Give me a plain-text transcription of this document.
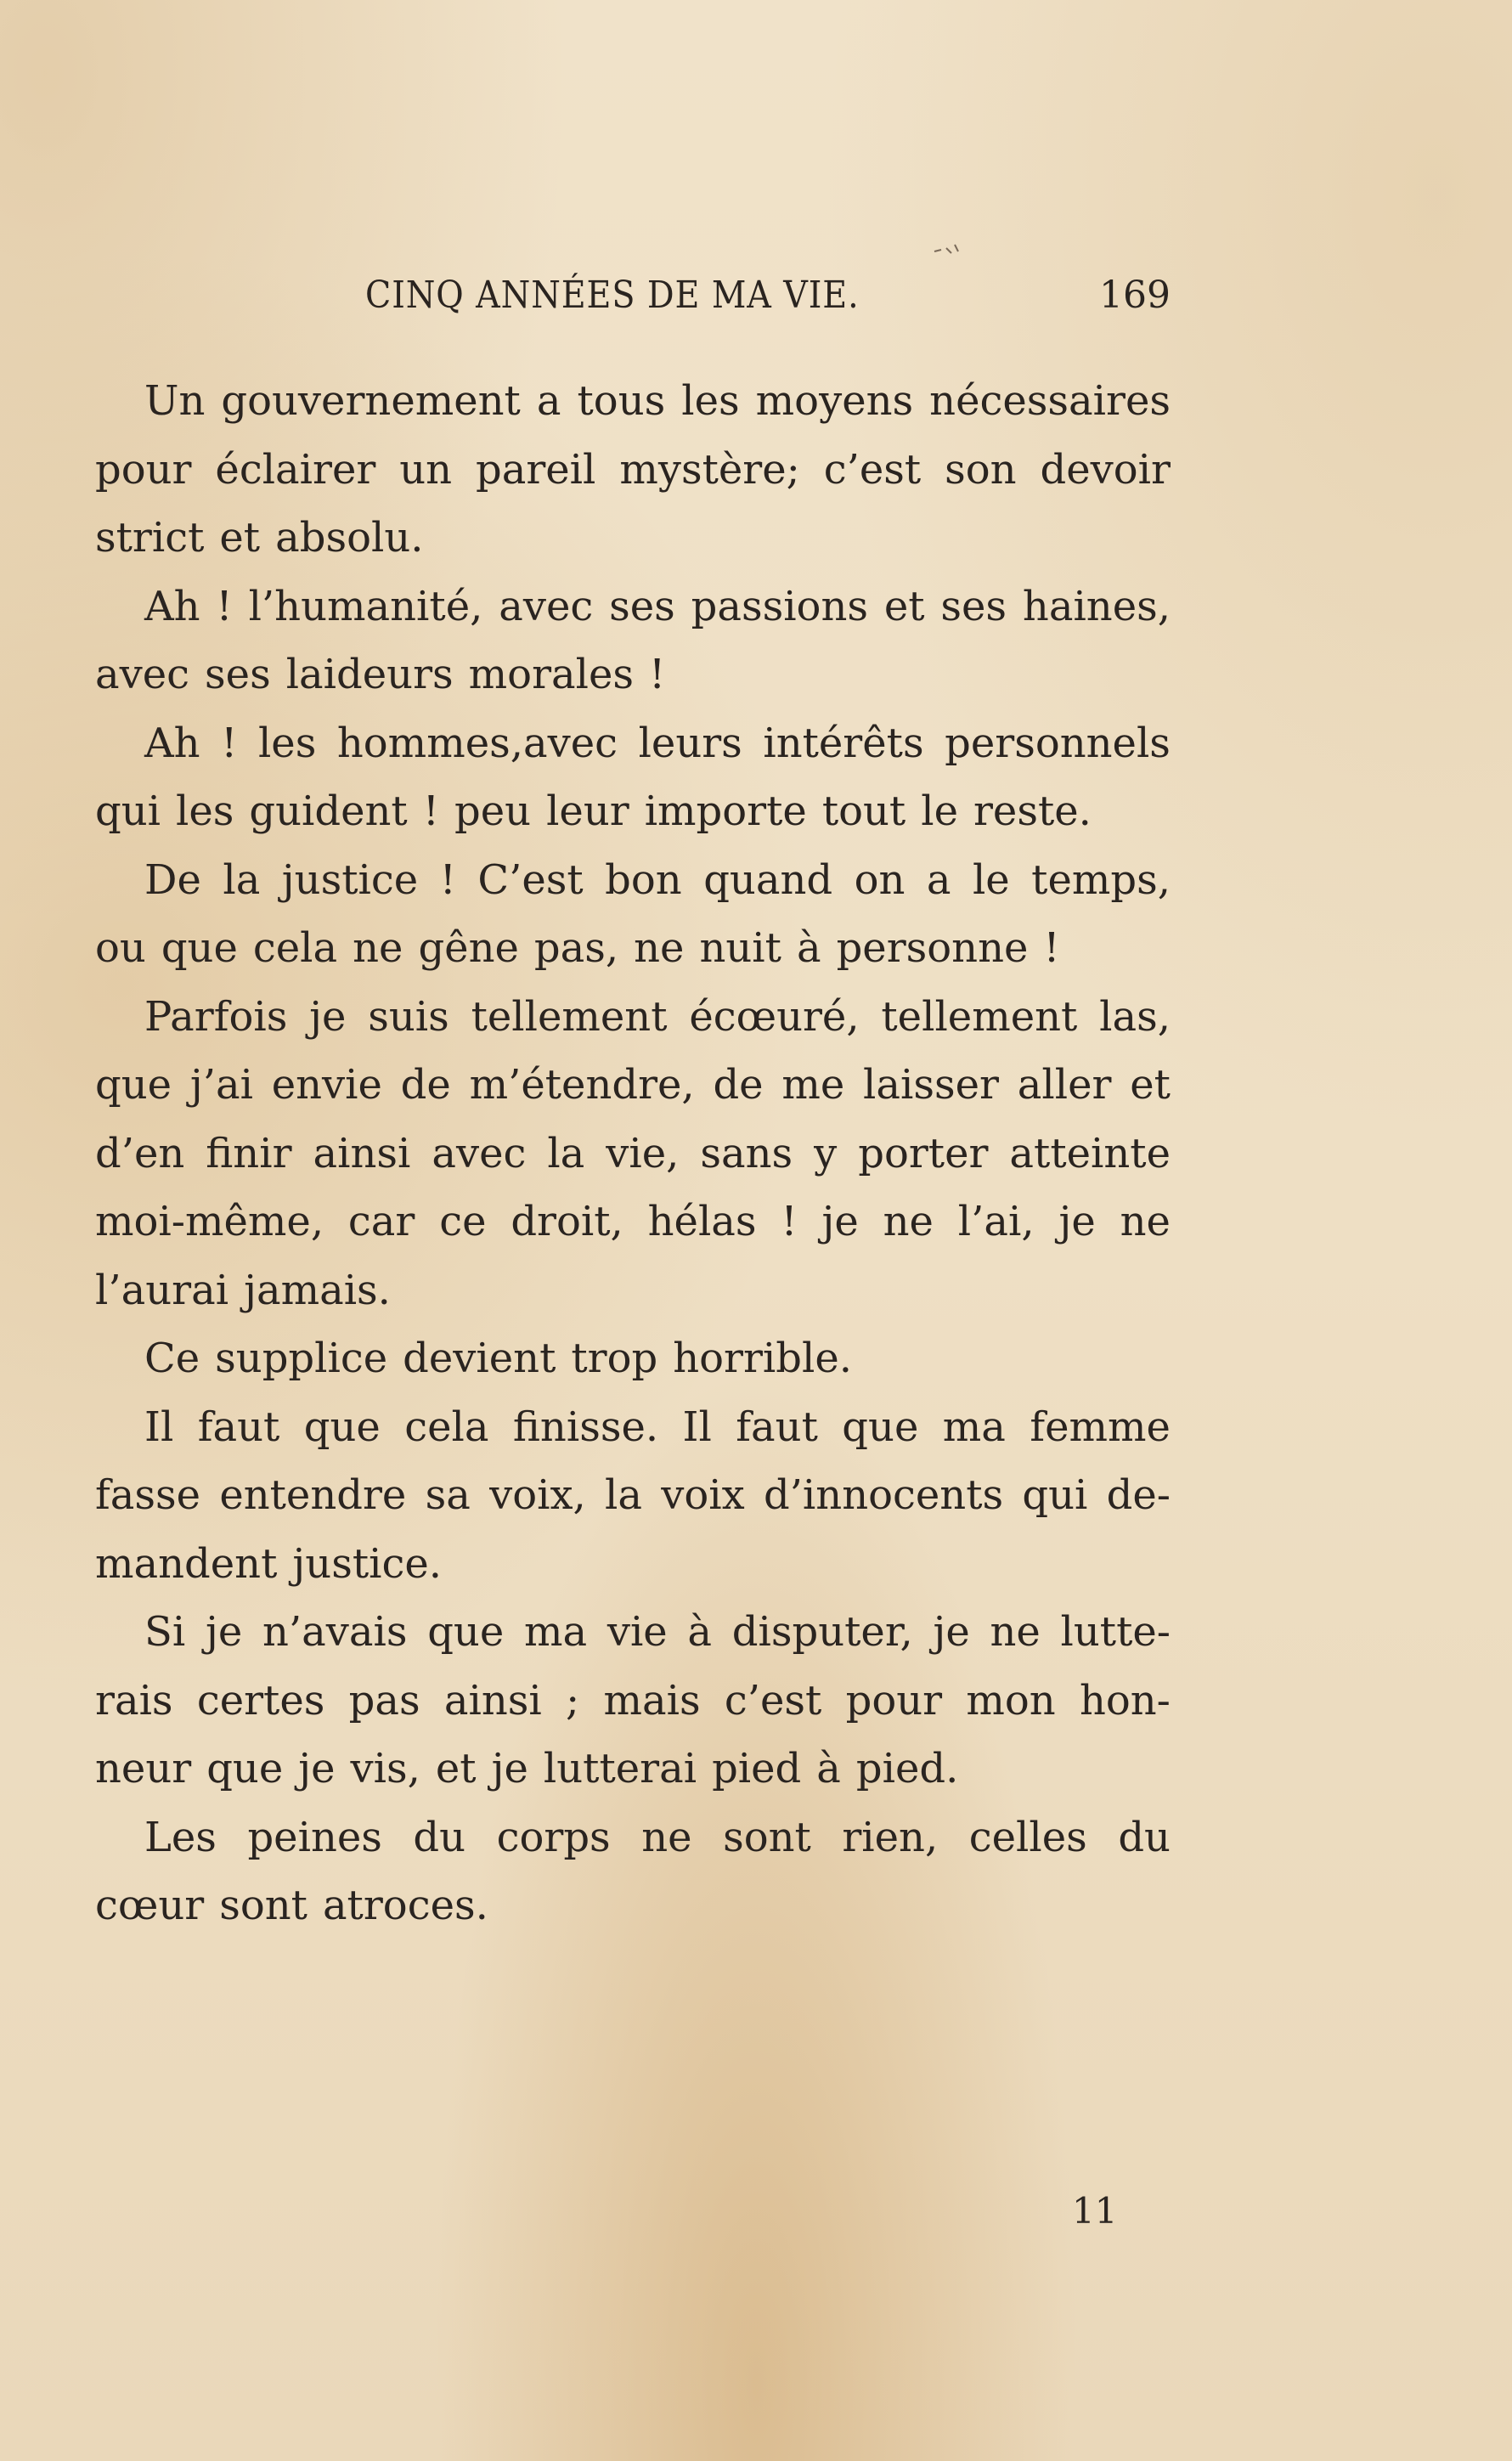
CINQ ANNÉES DE MA VIE.	169
Un gouvernement a tous les moyens nécessaires
pour éclairer un pareil mystère; c’est son devoir
strict et absolu.
Ah ! l’humanité, avec ses passions et ses haines,
avec ses laideurs morales !
Ah ! les hommes,avec leurs intérêts personnels
qui les guident ! peu leur importe tout le reste.
De la justice ! C’est bon quand on a le temps,
ou que cela ne gêne pas, ne nuit à personne !
Parfois je suis tellement écœuré, tellement las,
que j’ai envie de m’étendre, de me laisser aller et
d’en finir ainsi avec la vie, sans y porter atteinte
moi-même, car ce droit, hélas ! je ne l’ai, je ne
l’aurai jamais.
Ce supplice devient trop horrible.
Il faut que cela finisse. Il faut que ma femme
fasse entendre sa voix, la voix d’innocents qui de-
mandent justice.
Si je n’avais que ma vie à disputer, je ne lutte-
rais certes pas ainsi ; mais c’est pour mon hon-
neur que je vis, et je lutterai pied à pied.
Les peines du corps ne sont rien, celles du
cœur sont atroces.
11
